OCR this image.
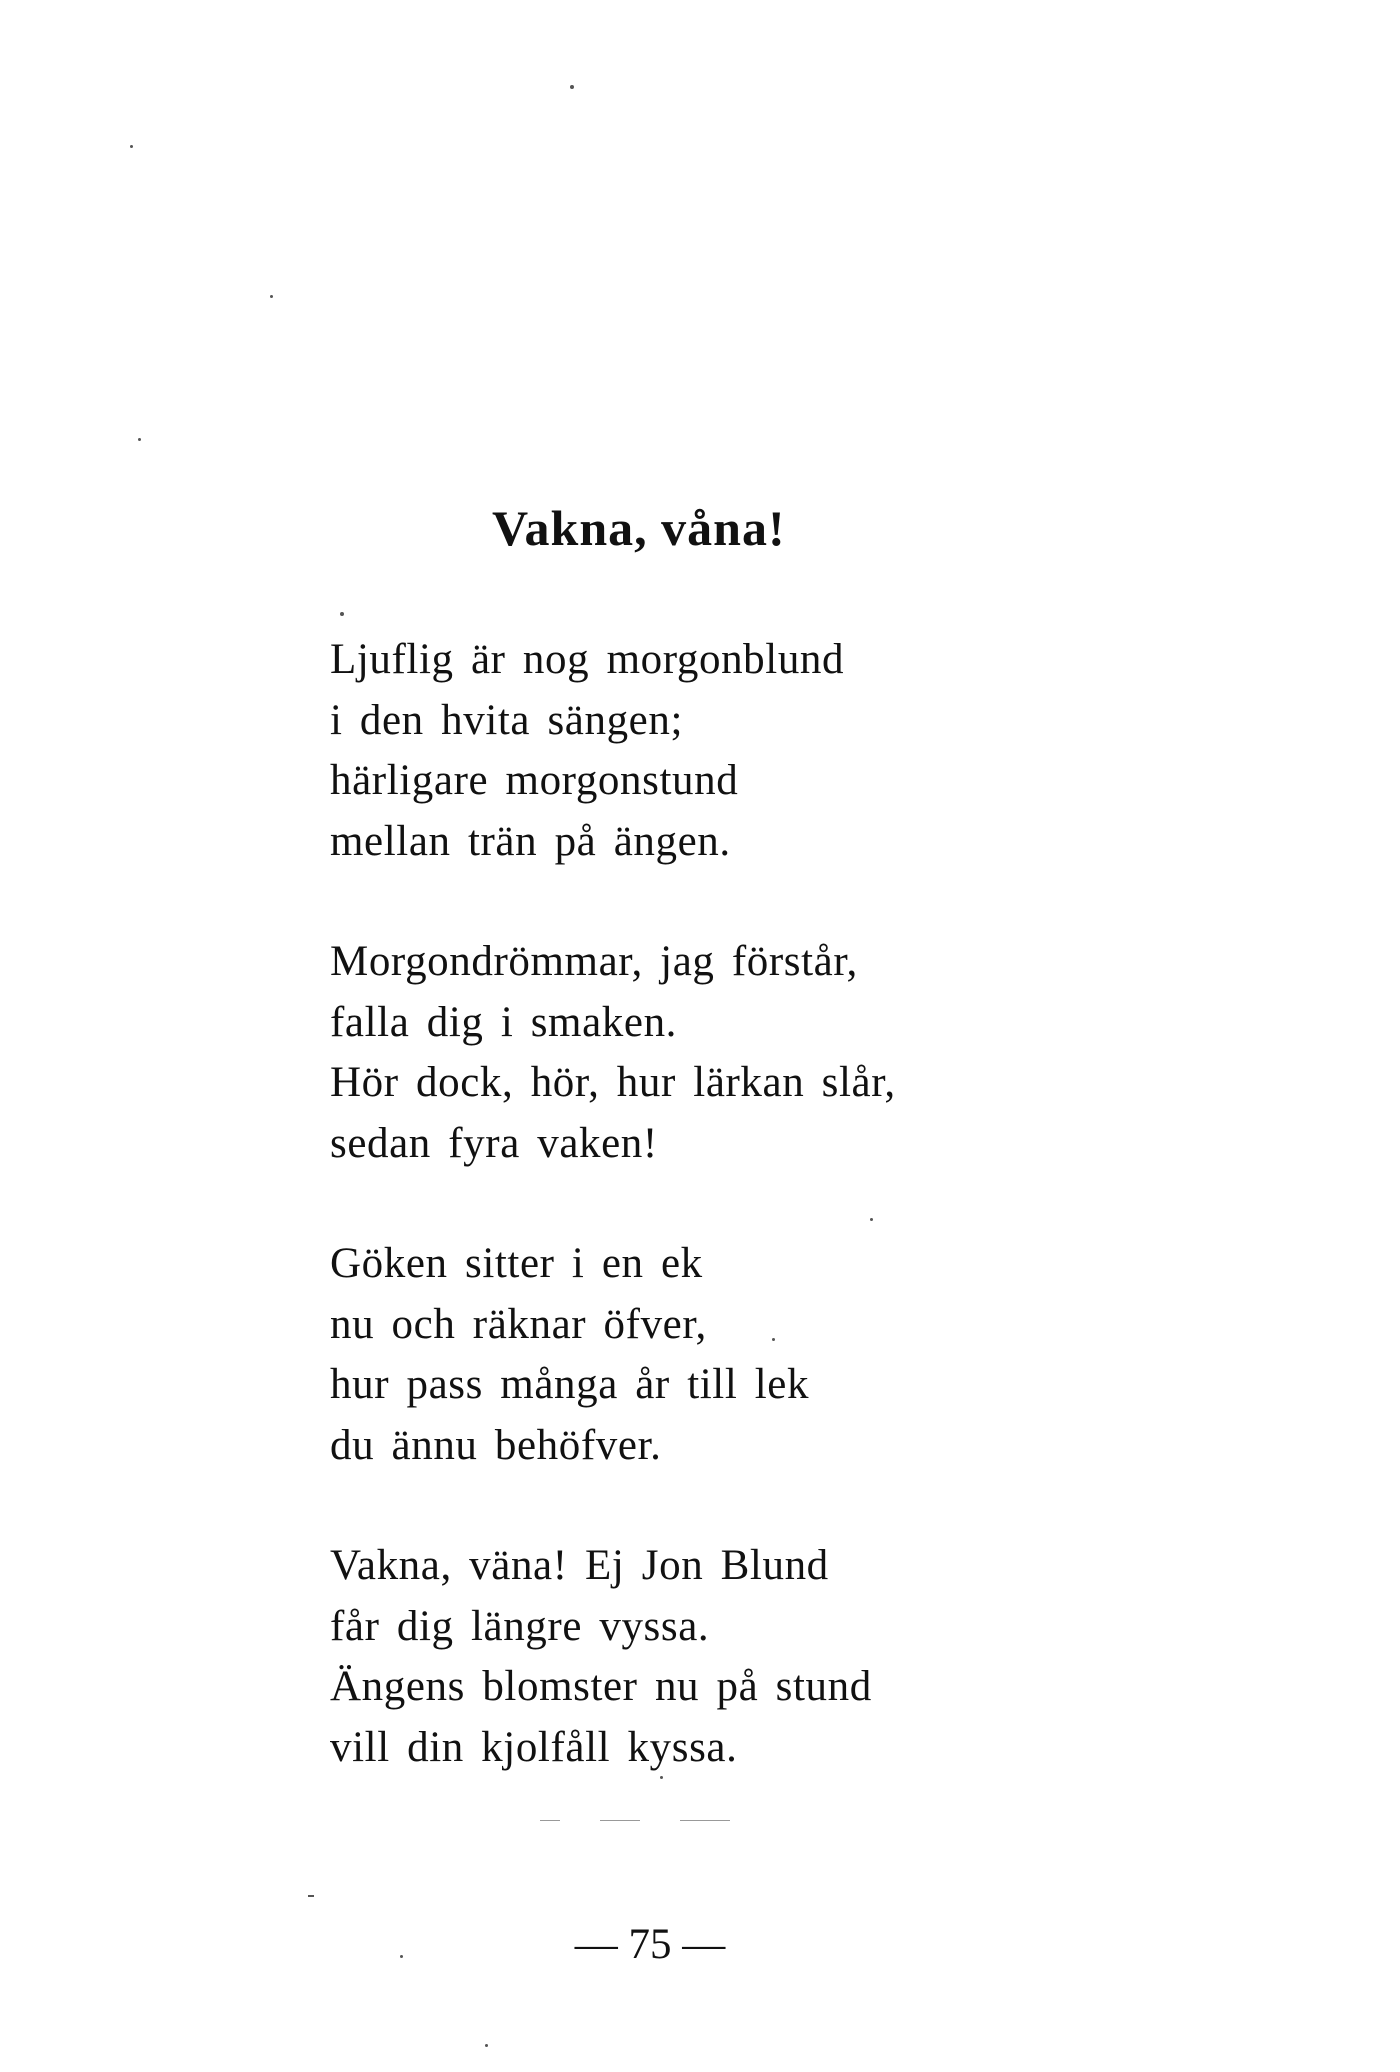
Vakna, våna!
Ljuflig är nog morgonblund
i den hvita sängen;
härligare morgonstund
mellan trän på ängen.
Morgondrömmar, jag förstår,
falla dig i smaken.
Hör dock, hör, hur lärkan slår,
sedan fyra vaken!
Göken sitter i en ek
nu och räknar öfver,
hur pass många år till lek
du ännu behöfver.
Vakna, väna! Ej Jon Blund
får dig längre vyssa.
Ängens blomster nu på stund
vill din kjolfåll kyssa.
— 75 —
